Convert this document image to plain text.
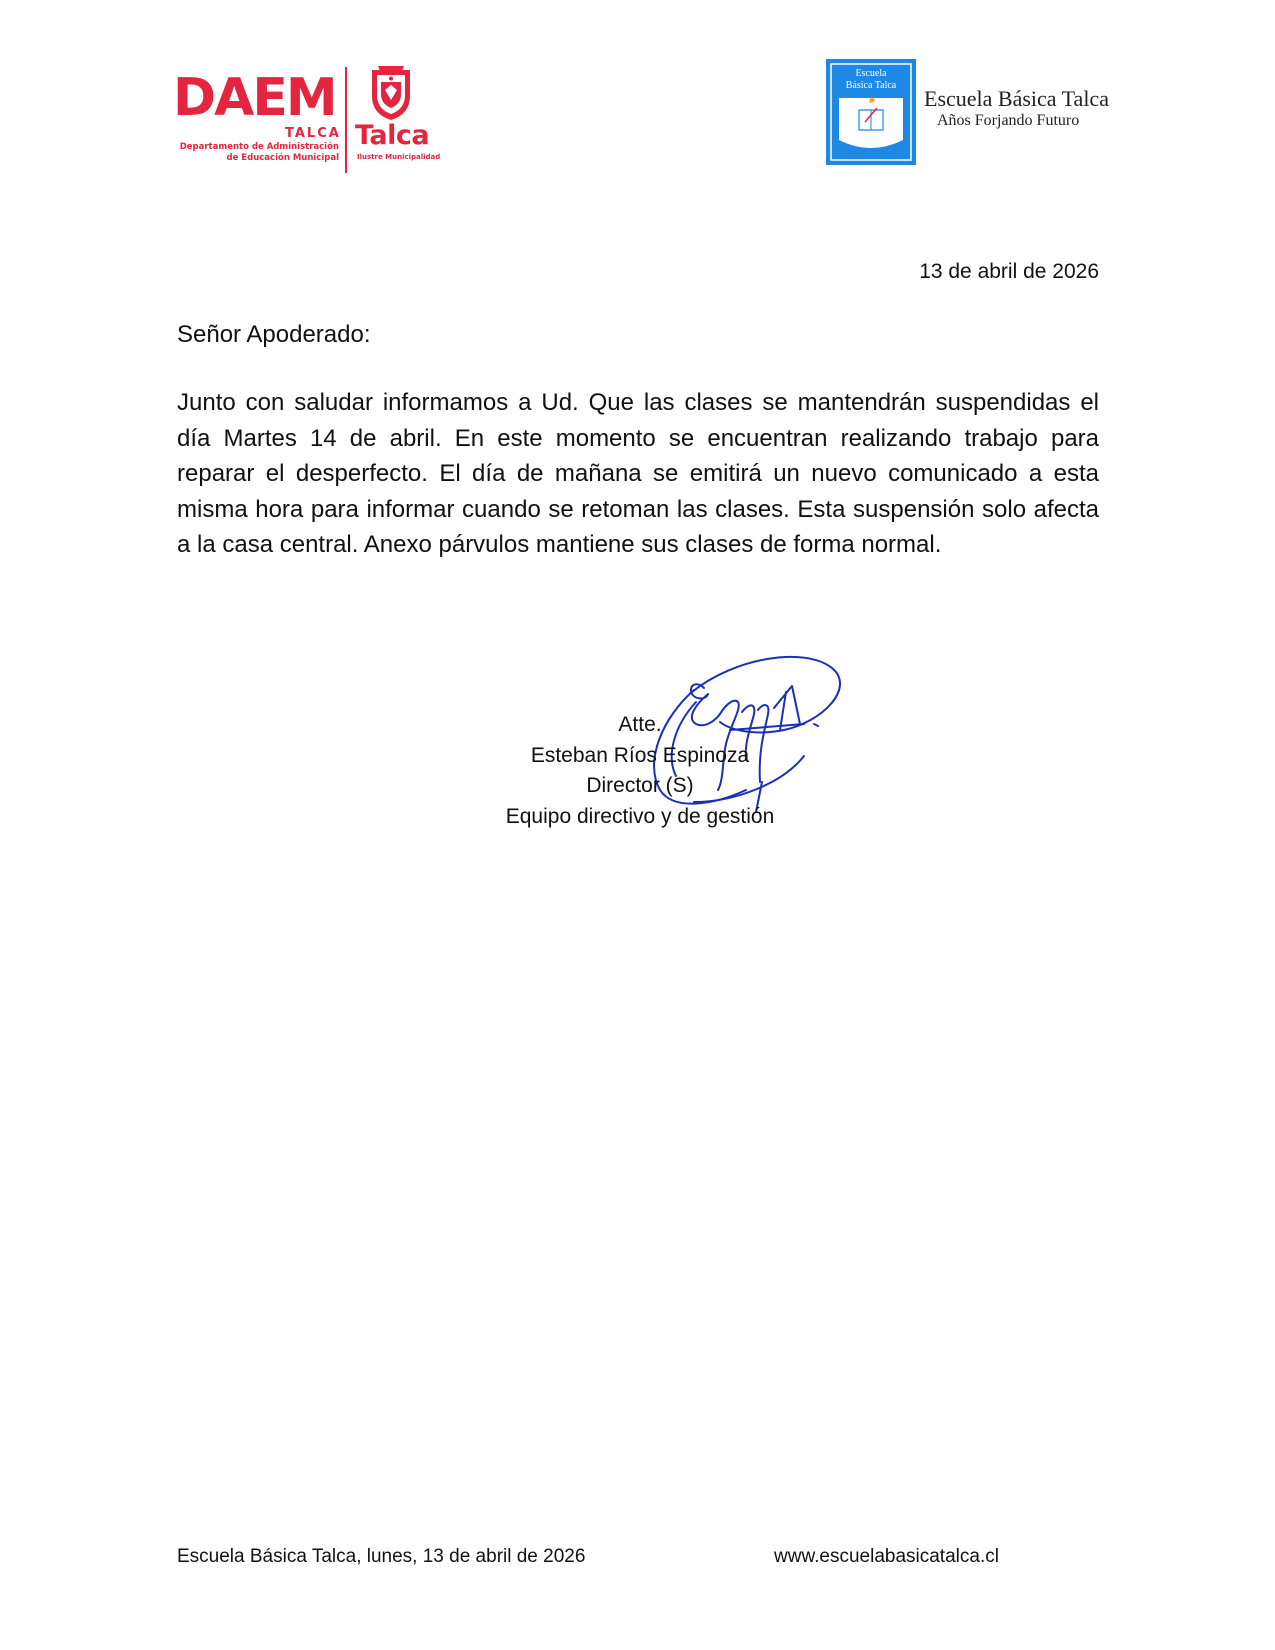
DAEM
TALCA
Departamento de Administración
de Educación Municipal
Talca
Ilustre Municipalidad
Escuela
Básica Talca
Escuela Básica Talca
Años Forjando Futuro
13 de abril de 2026
Señor Apoderado:

Junto con saludar informamos a Ud. Que las clases se mantendrán suspendidas el día Martes 14 de abril. En este momento se encuentran realizando trabajo para reparar el desperfecto. El día de mañana se emitirá un nuevo comunicado a esta misma hora para informar cuando se retoman las clases. Esta suspensión solo afecta a la casa central. Anexo párvulos mantiene sus clases de forma normal.

Atte.
Esteban Ríos Espinoza
Director (S)
Equipo directivo y de gestión
Escuela Básica Talca, lunes, 13 de abril de 2026	www.escuelabasicatalca.cl
